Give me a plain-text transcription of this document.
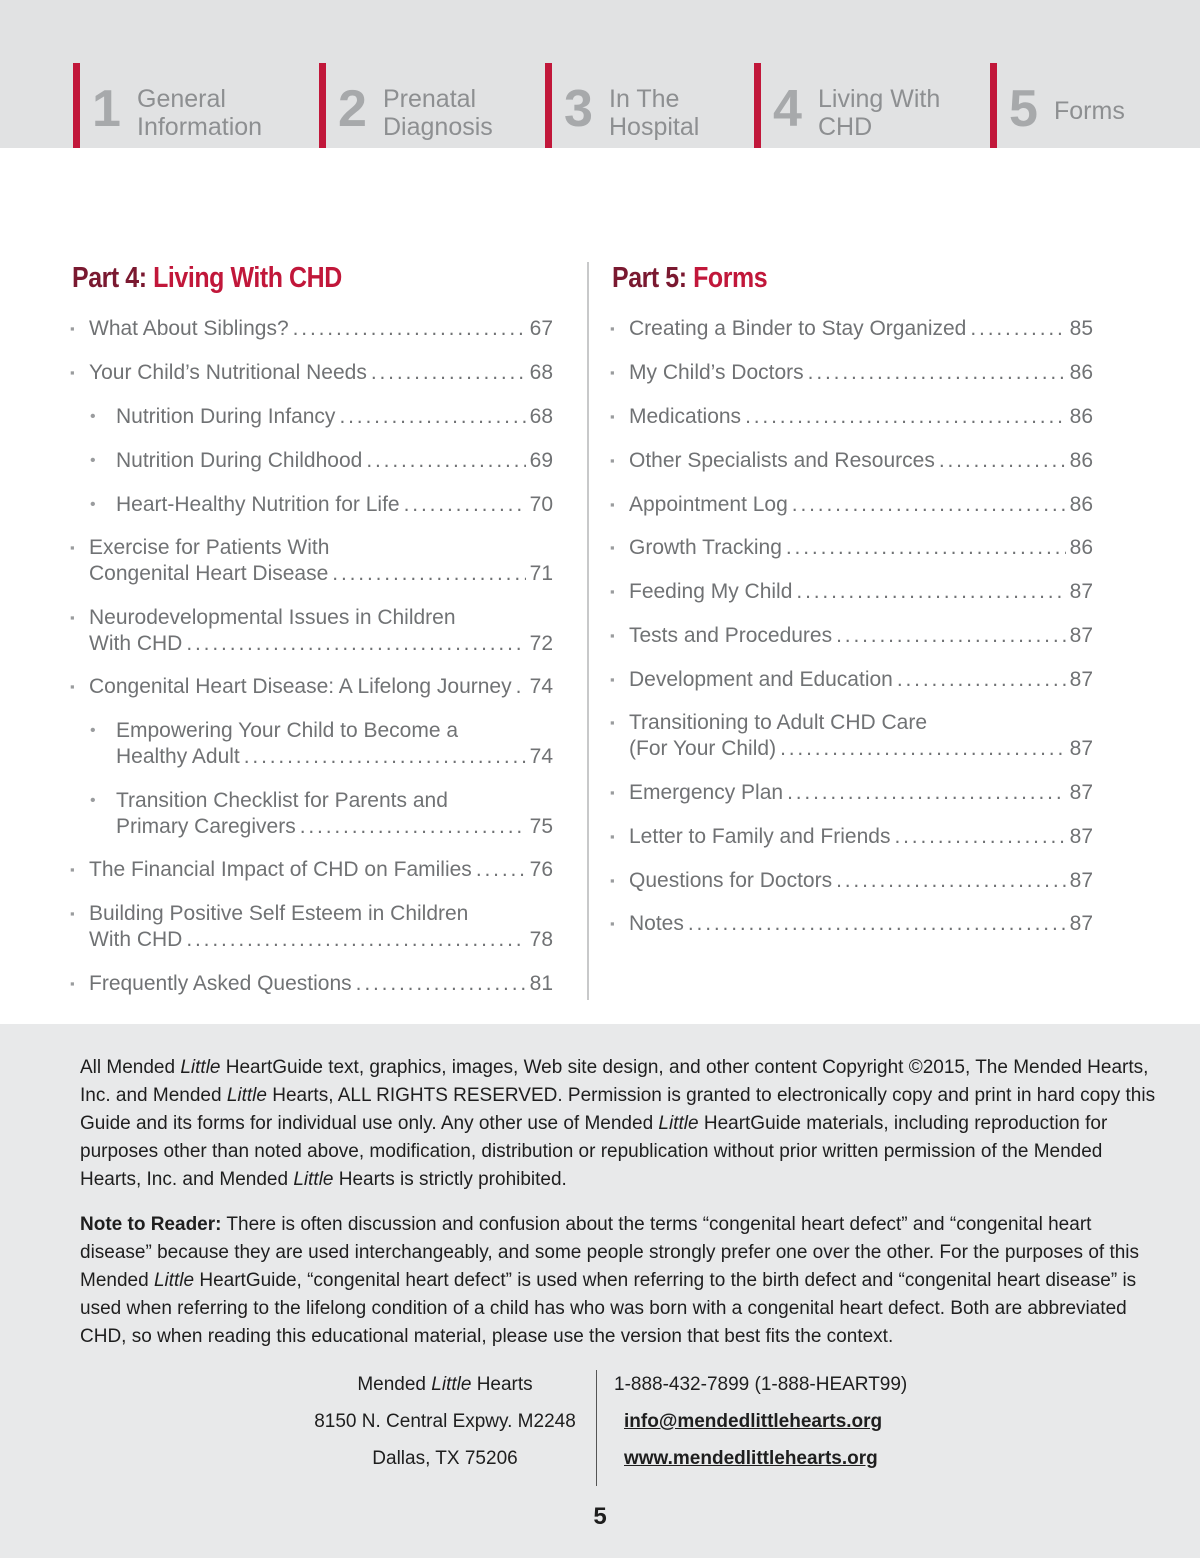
1 General
Information 2 Prenatal
Diagnosis 3 In The
Hospital 4 Living With
CHD	5 Forms
Part 4: Living With CHD	Part 5: Forms
▪ What About Siblings? . . .	67
▪ Your Child’s Nutritional Needs . . .	68
• Nutrition During Infancy . . .	68
• Nutrition During Childhood . . .	69
• Heart-Healthy Nutrition for Life . . .	70
▪ Exercise for Patients With
Congenital Heart Disease . . .	71
▪ Neurodevelopmental Issues in Children
With CHD . . .	72
▪ Congenital Heart Disease: A Lifelong Journey . . . 74
• Empowering Your Child to Become a
Healthy Adult . . .	74
• Transition Checklist for Parents and
Primary Caregivers . . .	75
▪ The Financial Impact of CHD on Families . . .	76
▪ Building Positive Self Esteem in Children
With CHD . . .	78
▪ Frequently Asked Questions . . .	81
▪ Creating a Binder to Stay Organized . . .	85
▪ My Child’s Doctors . . .	86
▪ Medications . . .	86
▪ Other Specialists and Resources . . .	86
▪ Appointment Log . . .	86
▪ Growth Tracking . . .	86
▪ Feeding My Child . . .	87
▪ Tests and Procedures . . .	87
▪ Development and Education . . .	87
▪ Transitioning to Adult CHD Care
(For Your Child) . . .	87
▪ Emergency Plan . . .	87
▪ Letter to Family and Friends . . .	87
▪ Questions for Doctors . . .	87
▪ Notes . . .	87
All Mended Little HeartGuide text, graphics, images, Web site design, and other content Copyright ©2015, The Mended Hearts, Inc. and Mended Little Hearts, ALL RIGHTS RESERVED. Permission is granted to electronically copy and print in hard copy this Guide and its forms for individual use only. Any other use of Mended Little HeartGuide materials, including reproduction for purposes other than noted above, modification, distribution or republication without prior written permission of the Mended Hearts, Inc. and Mended Little Hearts is strictly prohibited.
Note to Reader: There is often discussion and confusion about the terms “congenital heart defect” and “congenital heart disease” because they are used interchangeably, and some people strongly prefer one over the other. For the purposes of this Mended Little HeartGuide, “congenital heart defect” is used when referring to the birth defect and “congenital heart disease” is used when referring to the lifelong condition of a child has who was born with a congenital heart defect. Both are abbreviated CHD, so when reading this educational material, please use the version that best fits the context.
Mended Little Hearts
8150 N. Central Expwy. M2248
Dallas, TX 75206
1-888-432-7899 (1-888-HEART99)
info@mendedlittlehearts.org
www.mendedlittlehearts.org
5
